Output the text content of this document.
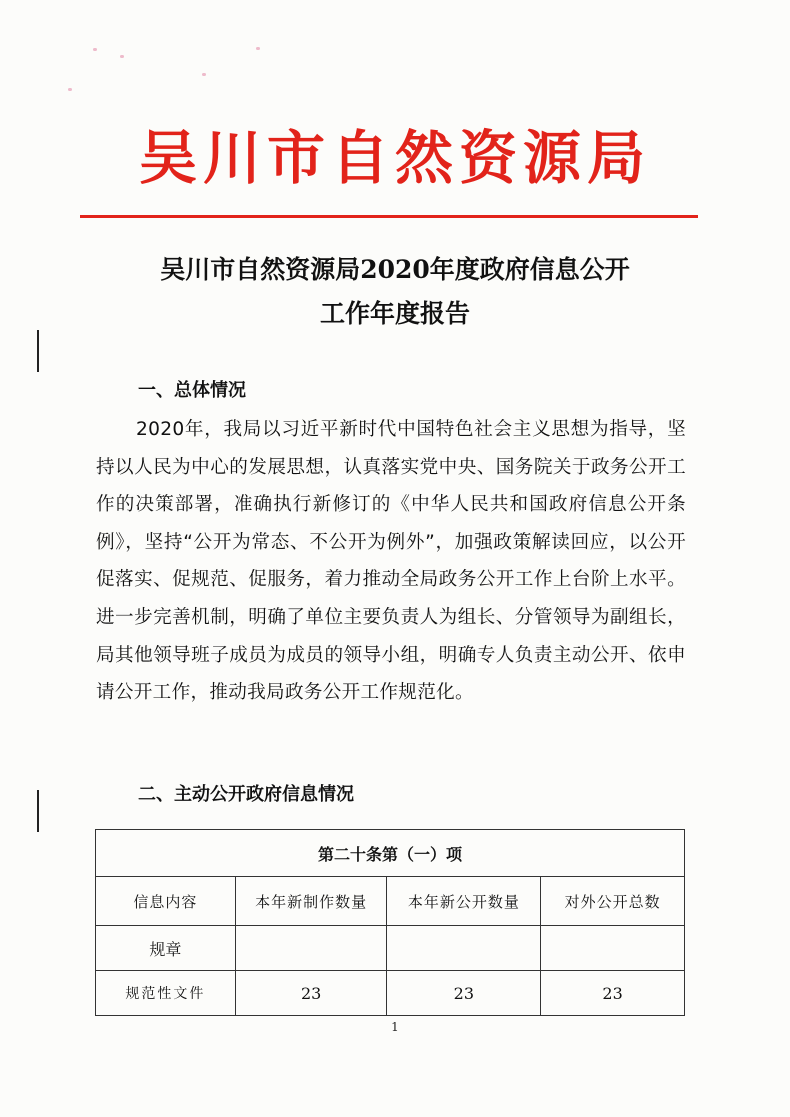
吴川市自然资源局
吴川市自然资源局2020年度政府信息公开
工作年度报告
一、总体情况

2020年，我局以习近平新时代中国特色社会主义思想为指导，坚持以人民为中心的发展思想，认真落实党中央、国务院关于政务公开工作的决策部署，准确执行新修订的《中华人民共和国政府信息公开条例》，坚持“公开为常态、不公开为例外”，加强政策解读回应，以公开促落实、促规范、促服务，着力推动全局政务公开工作上台阶上水平。进一步完善机制，明确了单位主要负责人为组长、分管领导为副组长，局其他领导班子成员为成员的领导小组，明确专人负责主动公开、依申请公开工作，推动我局政务公开工作规范化。

二、主动公开政府信息情况
第二十条第（一）项			
信息内容	本年新制作数量	本年新公开数量	对外公开总数
规章			
规范性文件	23	23	23
1
